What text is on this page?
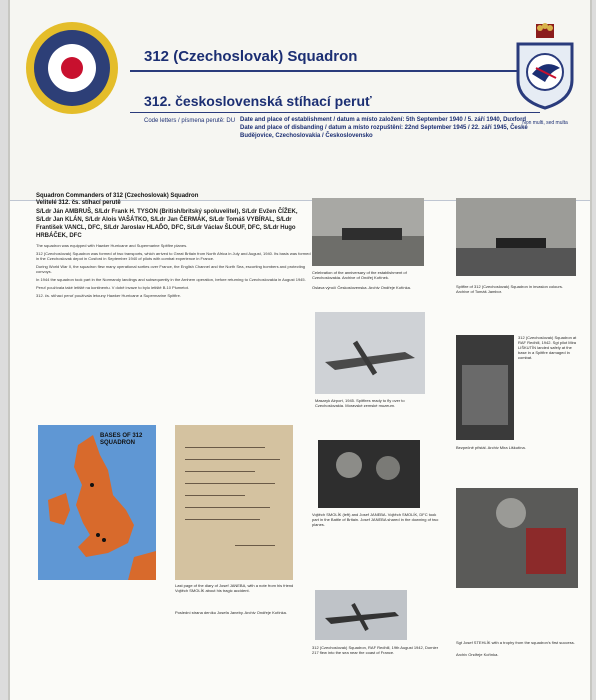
312 (Czechoslovak) Squadron
312. československá stíhací peruť
Code letters / písmena perutě: DU Date and place of establishment / datum a místo založení: 5th September 1940 / 5. září 1940, Duxford
Date and place of disbanding / datum a místo rozpuštění: 22nd September 1945 / 22. září 1945, České Budějovice, Czechoslovakia / Československo
Non multi, sed multa
Squadron Commanders of 312 (Czechoslovak) Squadron
Velitelé 312. čs. stíhací perutě
S/Ldr Ján AMBRUŠ, S/Ldr Frank H. TYSON (British/britský spoluvelitel), S/Ldr Evžen ČÍŽEK, S/Ldr Jan KLÁN, S/Ldr Alois VAŠÁTKO, S/Ldr Jan ČERMÁK, S/Ldr Tomáš VYBÍRAL, S/Ldr František VANCL, DFC, S/Ldr Jaroslav HLAĎO, DFC, S/Ldr Václav ŠLOUF, DFC, S/Ldr Hugo HRBÁČEK, DFC
The squadron was equipped with Hawker Hurricane and Supermarine Spitfire planes.
312 (Czechoslovak) Squadron was formed of two transports, which arrived to Great Britain from North Africa in July and August, 1940. Its basis was formed in the Czechoslovak depot in Cosford in September 1940 of pilots with combat experience in France.
During World War II, the squadron flew many operational sorties over France, the English Channel and the North Sea, escorting bombers and protecting convoys.
In 1944 the squadron took part in the Normandy landings and subsequently in the Arnhem operation, before returning to Czechoslovakia in August 1945.
Peruť používala také letiště na kontinentu. V době invaze to bylo letiště B.10 Plumetot.
312. čs. stíhací peruť používala letouny Hawker Hurricane a Supermarine Spitfire.
BASES OF 312 SQUADRON
Last page of the diary of Josef JANEBA, with a note from his friend Vojtěch SMOLÍK about his tragic accident.
Poslední strana deníku Josefa Janeby. Archiv Ondřeje Kořínka.
Celebration of the anniversary of the establishment of Czechoslovakia. Archive of Ondřej Kořínek.
Oslava výročí Československa. Archiv Ondřeje Kořínka.	Spitfire of 312 (Czechoslovak) Squadron in invasion colours. Archive of Tomáš Jambor.
Masaryk Airport, 1945. Spitfires ready to fly over to Czechoslovakia. Moravské zemské muzeum.
312 (Czechoslovak) Squadron at RAF Redhill, 1942. Sgt pilot Mira LIŠKUTÍN landed safely at the base in a Spitfire damaged in combat.
Bezpečně přistál. Archiv Mira Liškutína.
Vojtěch SMOLÍK (left) and Josef JANEBA. Vojtěch SMOLÍK, DFC took part in the Battle of Britain. Josef JANEBA shared in the downing of two planes.
Sgt Josef STEHLÍK with a trophy from the squadron's first success.
Archiv Ondřeje Kořínka.
312 (Czechoslovak) Squadron, RAF Redhill, 19th August 1942, Dornier 217 flew into the sea near the coast of France.
